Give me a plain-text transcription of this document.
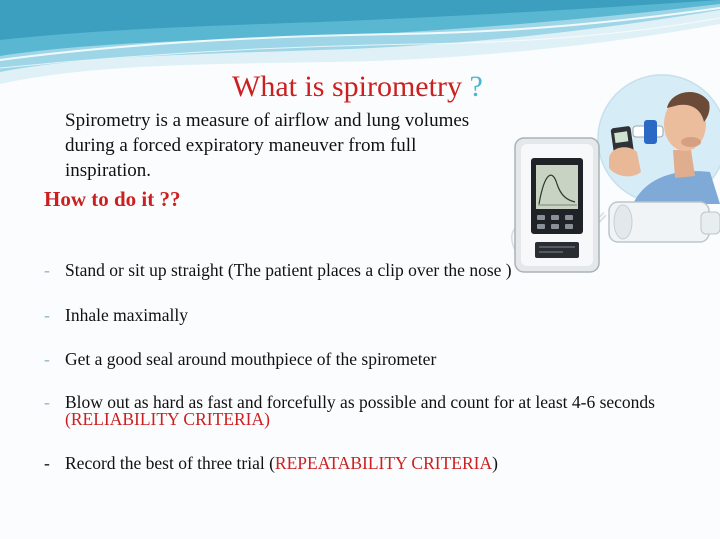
What is spirometry ?

Spirometry is a measure of airflow and lung volumes during a forced expiratory maneuver from full inspiration.

How to do it ??
- Stand or sit up straight (The patient places a clip over the nose )
- Inhale maximally
- Get a good seal around mouthpiece of the spirometer
- Blow out as hard as fast and forcefully as possible and count for at least 4-6 seconds (RELIABILITY CRITERIA)
- Record the best of three trial (REPEATABILITY CRITERIA)
